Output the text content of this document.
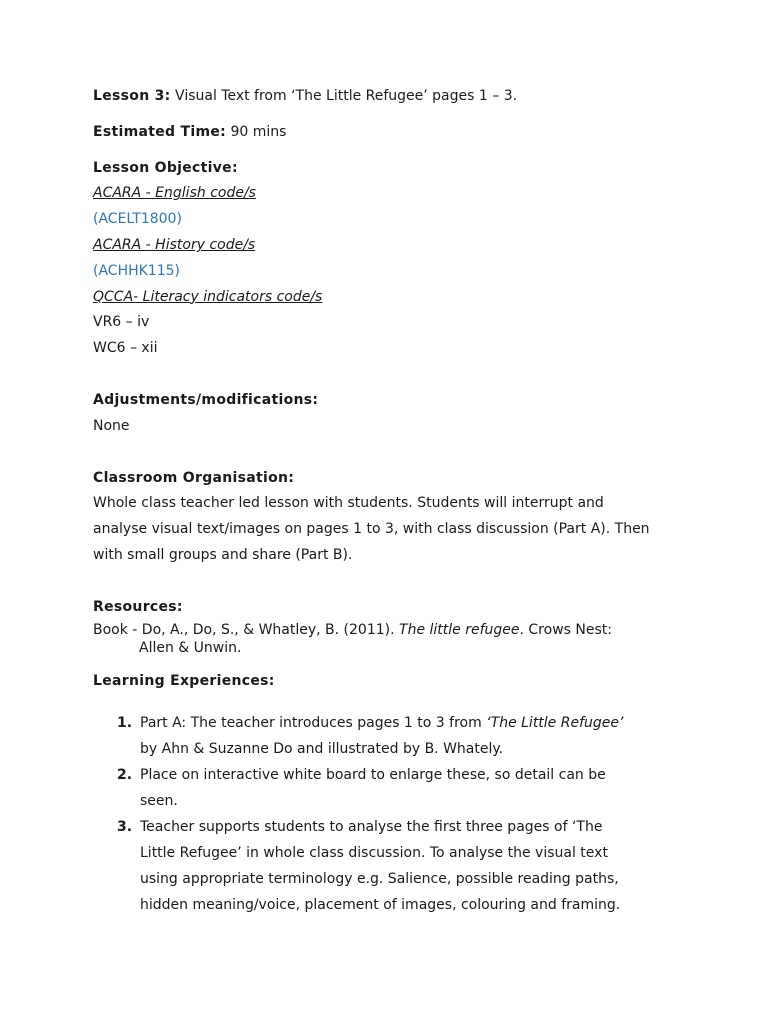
Lesson 3: Visual Text from ‘The Little Refugee’ pages 1 – 3.
Estimated Time: 90 mins
Lesson Objective:
ACARA - English code/s
(ACELT1800)
ACARA - History code/s
(ACHHK115)
QCCA- Literacy indicators code/s
VR6 – iv
WC6 – xii
Adjustments/modifications:
None
Classroom Organisation:
Whole class teacher led lesson with students. Students will interrupt and analyse visual text/images on pages 1 to 3, with class discussion (Part A). Then with small groups and share (Part B).
Resources:
Book - Do, A., Do, S., & Whatley, B. (2011). The little refugee. Crows Nest:
Allen & Unwin.
Learning Experiences:
1. Part A: The teacher introduces pages 1 to 3 from ‘The Little Refugee’ by Ahn & Suzanne Do and illustrated by B. Whately.
2. Place on interactive white board to enlarge these, so detail can be seen.
3. Teacher supports students to analyse the first three pages of ‘The Little Refugee’ in whole class discussion. To analyse the visual text using appropriate terminology e.g. Salience, possible reading paths, hidden meaning/voice, placement of images, colouring and framing.
